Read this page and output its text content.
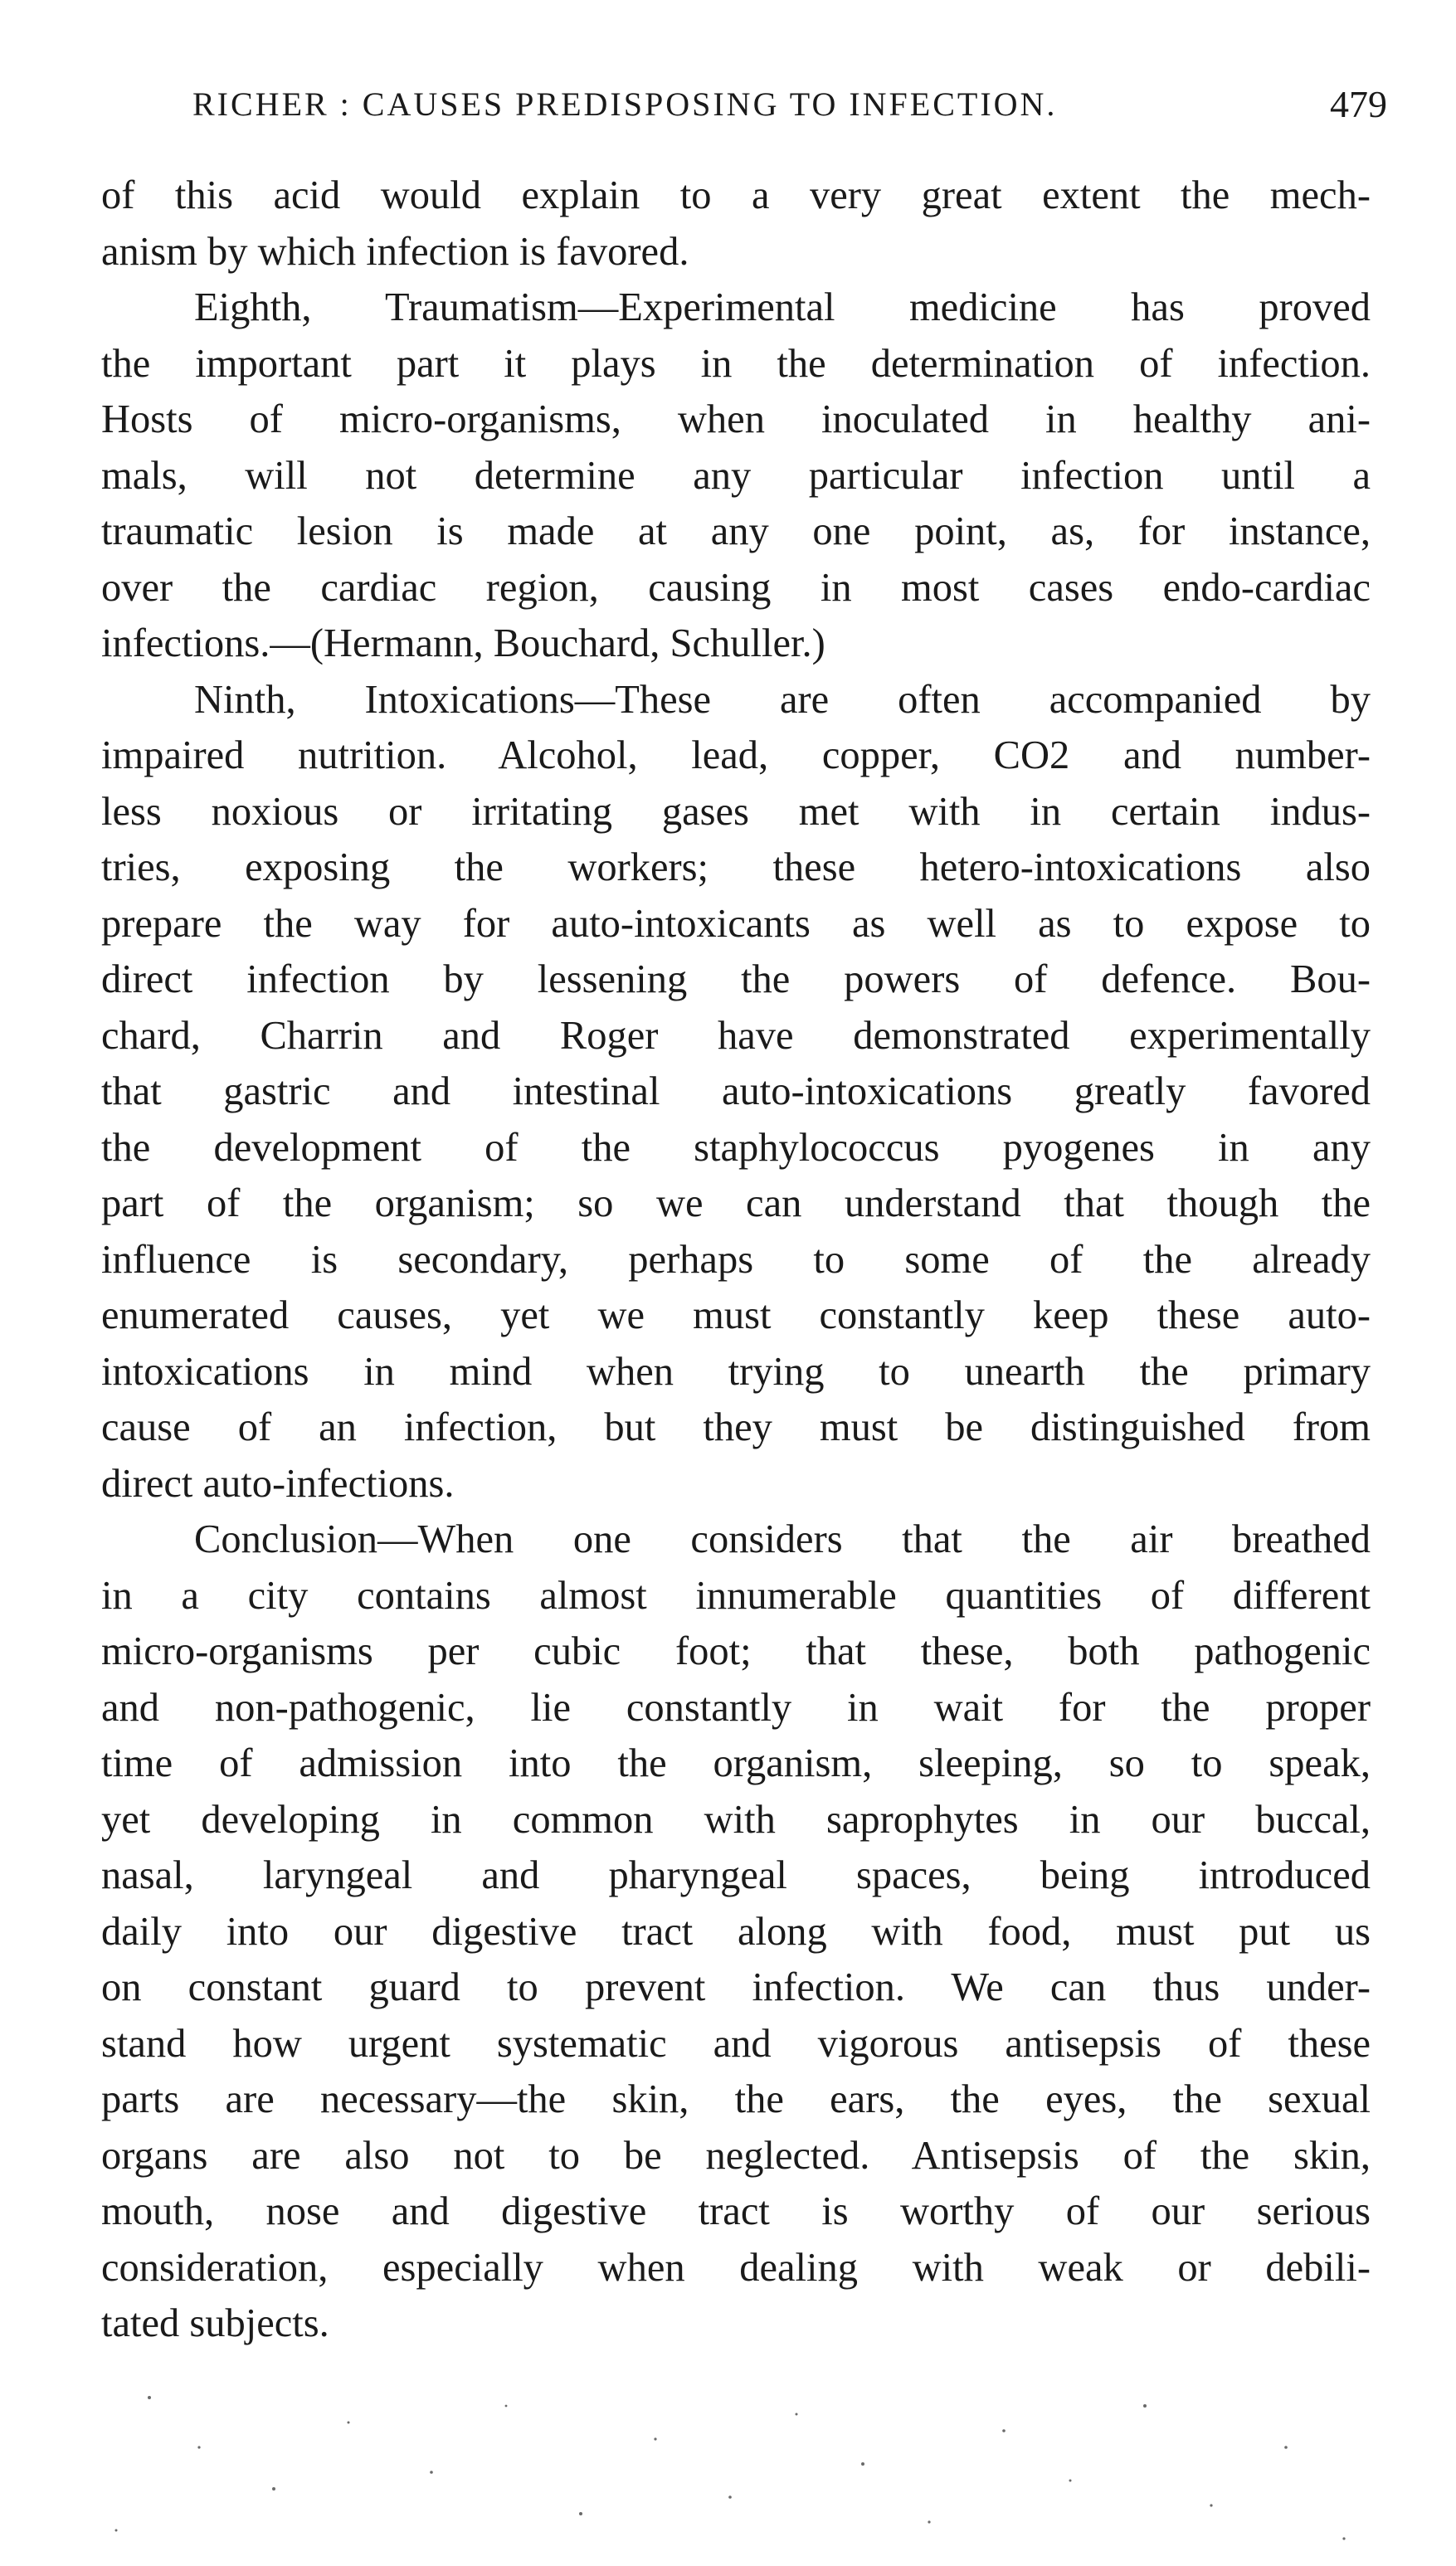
RICHER : CAUSES PREDISPOSING TO INFECTION.	479
of this acid would explain to a very great extent the mech-
anism by which infection is favored.
Eighth, Traumatism—Experimental medicine has proved
the important part it plays in the determination of infection.
Hosts of micro-organisms, when inoculated in healthy ani-
mals, will not determine any particular infection until a
traumatic lesion is made at any one point, as, for instance,
over the cardiac region, causing in most cases endo-cardiac
infections.—(Hermann, Bouchard, Schuller.)
Ninth, Intoxications—These are often accompanied by
impaired nutrition. Alcohol, lead, copper, CO2 and number-
less noxious or irritating gases met with in certain indus-
tries, exposing the workers; these hetero-intoxications also
prepare the way for auto-intoxicants as well as to expose to
direct infection by lessening the powers of defence. Bou-
chard, Charrin and Roger have demonstrated experimentally
that gastric and intestinal auto-intoxications greatly favored
the development of the staphylococcus pyogenes in any
part of the organism; so we can understand that though the
influence is secondary, perhaps to some of the already
enumerated causes, yet we must constantly keep these auto-
intoxications in mind when trying to unearth the primary
cause of an infection, but they must be distinguished from
direct auto-infections.
Conclusion—When one considers that the air breathed
in a city contains almost innumerable quantities of different
micro-organisms per cubic foot; that these, both pathogenic
and non-pathogenic, lie constantly in wait for the proper
time of admission into the organism, sleeping, so to speak,
yet developing in common with saprophytes in our buccal,
nasal, laryngeal and pharyngeal spaces, being introduced
daily into our digestive tract along with food, must put us
on constant guard to prevent infection. We can thus under-
stand how urgent systematic and vigorous antisepsis of these
parts are necessary—the skin, the ears, the eyes, the sexual
organs are also not to be neglected. Antisepsis of the skin,
mouth, nose and digestive tract is worthy of our serious
consideration, especially when dealing with weak or debili-
tated subjects.
